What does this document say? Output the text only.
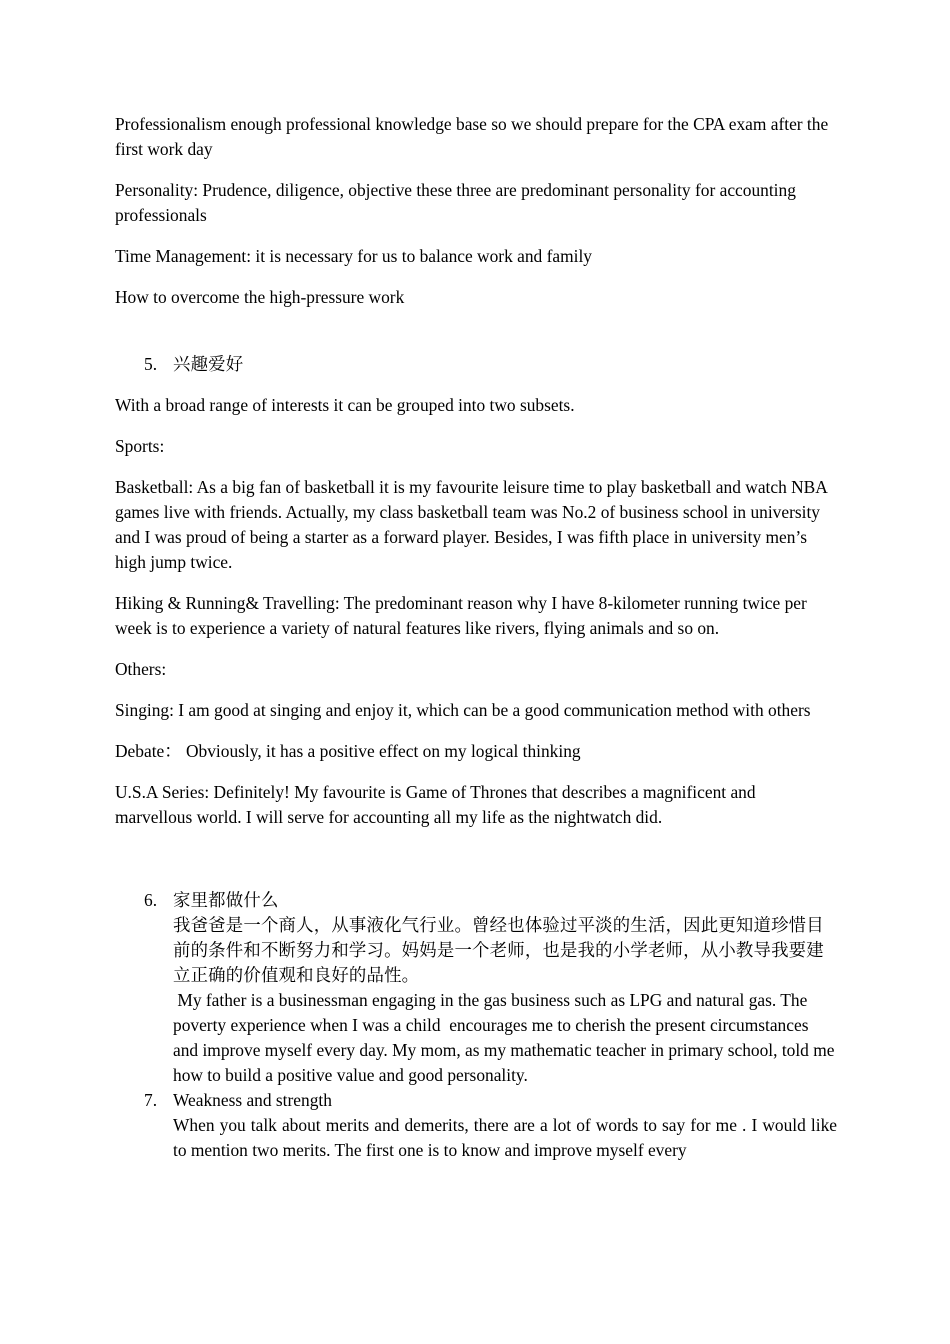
Professionalism enough professional knowledge base so we should prepare for the CPA exam after the first work day

Personality: Prudence, diligence, objective these three are predominant personality for accounting professionals

Time Management: it is necessary for us to balance work and family

How to overcome the high-pressure work

5. 兴趣爱好

With a broad range of interests it can be grouped into two subsets.

Sports:

Basketball: As a big fan of basketball it is my favourite leisure time to play basketball and watch NBA games live with friends. Actually, my class basketball team was No.2 of business school in university and I was proud of being a starter as a forward player. Besides, I was fifth place in university men’s high jump twice.

Hiking & Running& Travelling: The predominant reason why I have 8-kilometer running twice per week is to experience a variety of natural features like rivers, flying animals and so on.

Others:

Singing: I am good at singing and enjoy it, which can be a good communication method with others

Debate： Obviously, it has a positive effect on my logical thinking

U.S.A Series: Definitely! My favourite is Game of Thrones that describes a magnificent and marvellous world. I will serve for accounting all my life as the nightwatch did.

6. 家里都做什么
我爸爸是一个商人，从事液化气行业。曾经也体验过平淡的生活，因此更知道珍惜目前的条件和不断努力和学习。妈妈是一个老师，也是我的小学老师，从小教导我要建立正确的价值观和良好的品性。
My father is a businessman engaging in the gas business such as LPG and natural gas. The poverty experience when I was a child  encourages me to cherish the present circumstances and improve myself every day. My mom, as my mathematic teacher in primary school, told me how to build a positive value and good personality.
7. Weakness and strength
When you talk about merits and demerits, there are a lot of words to say for me . I would like to mention two merits. The first one is to know and improve myself every
